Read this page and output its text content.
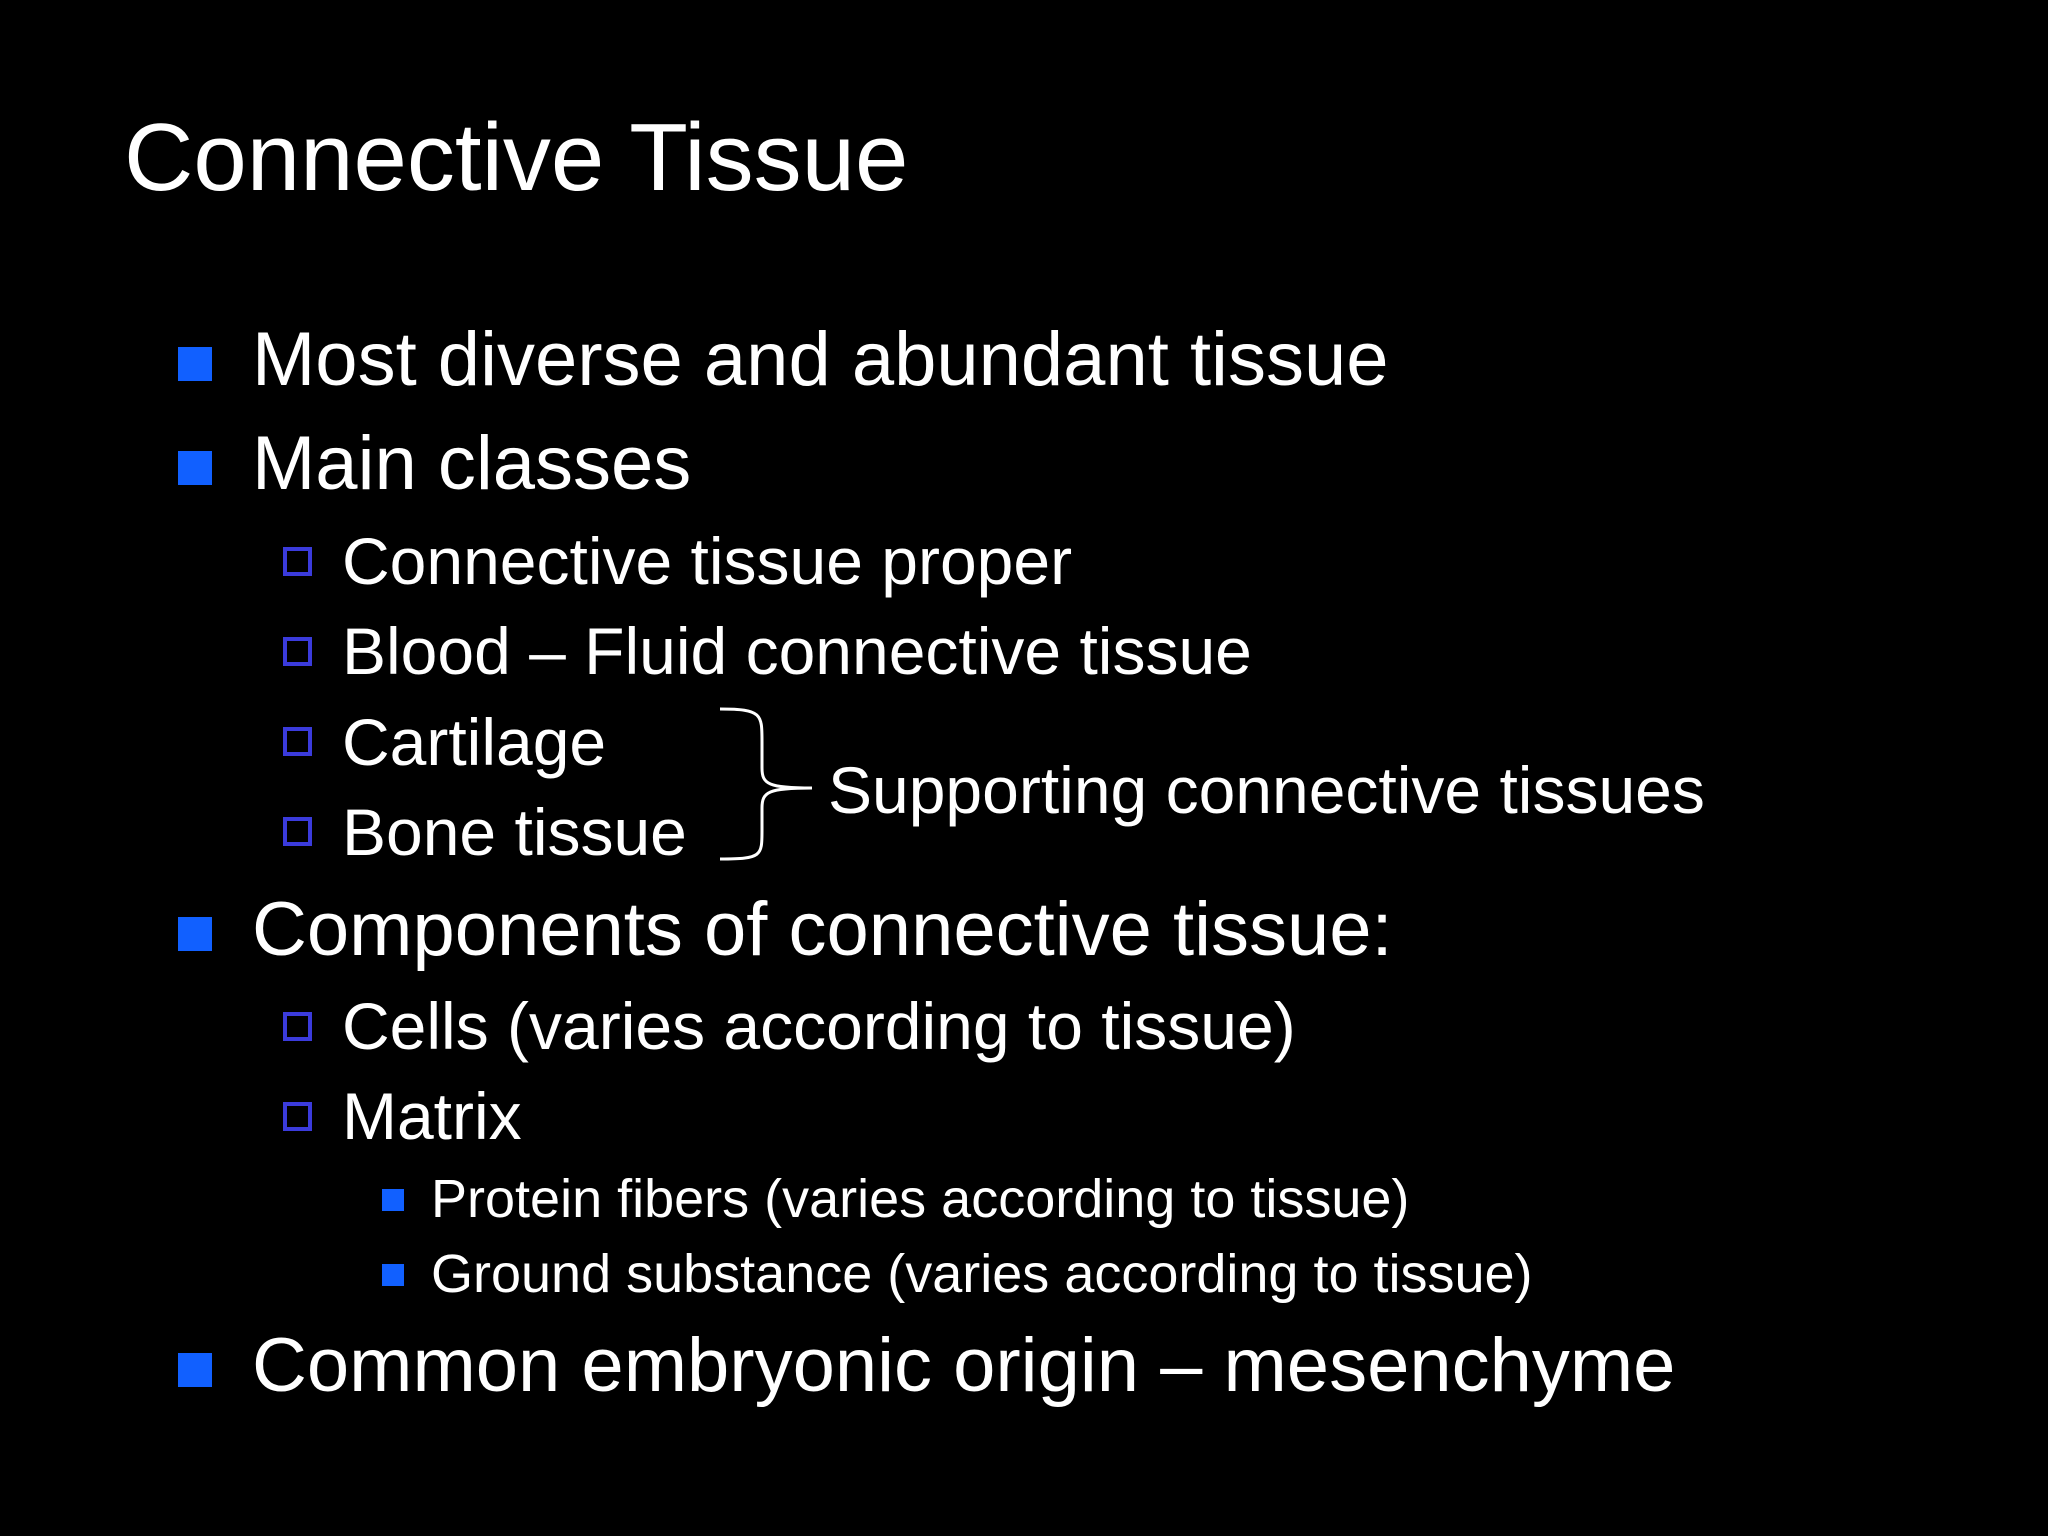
Connective Tissue
Most diverse and abundant tissue
Main classes
Connective tissue proper
Blood – Fluid connective tissue
Cartilage
Bone tissue
Supporting connective tissues
Components of connective tissue:
Cells (varies according to tissue)
Matrix
Protein fibers (varies according to tissue)
Ground substance (varies according to tissue)
Common embryonic origin – mesenchyme
